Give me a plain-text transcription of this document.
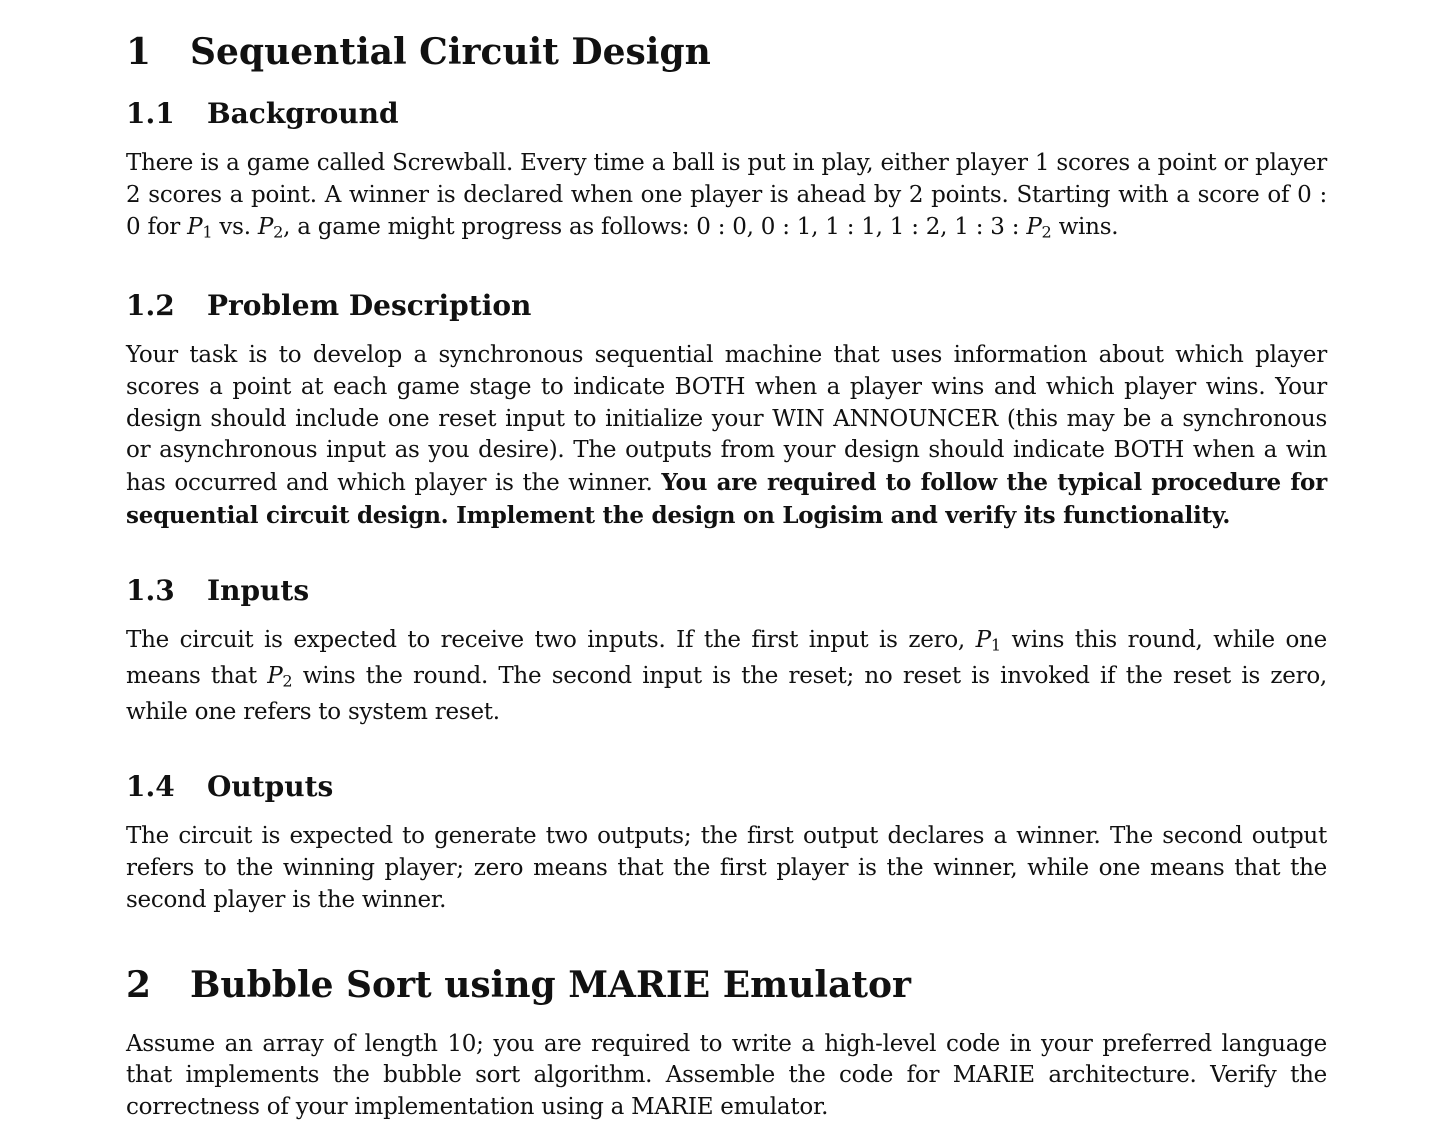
1 Sequential Circuit Design
1.1 Background

There is a game called Screwball. Every time a ball is put in play, either player 1 scores a point or player 2 scores a point. A winner is declared when one player is ahead by 2 points. Starting with a score of 0 : 0 for $P_1$ vs. $P_2$, a game might progress as follows: 0 : 0, 0 : 1, 1 : 1, 1 : 2, 1 : 3 : $P_2$ wins.

1.2 Problem Description

Your task is to develop a synchronous sequential machine that uses information about which player scores a point at each game stage to indicate BOTH when a player wins and which player wins. Your design should include one reset input to initialize your WIN ANNOUNCER (this may be a synchronous or asynchronous input as you desire). The outputs from your design should indicate BOTH when a win has occurred and which player is the winner. You are required to follow the typical procedure for sequential circuit design. Implement the design on Logisim and verify its functionality.

1.3 Inputs

The circuit is expected to receive two inputs. If the first input is zero, $P_1$ wins this round, while one means that $P_2$ wins the round. The second input is the reset; no reset is invoked if the reset is zero, while one refers to system reset.

1.4 Outputs

The circuit is expected to generate two outputs; the first output declares a winner. The second output refers to the winning player; zero means that the first player is the winner, while one means that the second player is the winner.

2 Bubble Sort using MARIE Emulator

Assume an array of length 10; you are required to write a high-level code in your preferred language that implements the bubble sort algorithm. Assemble the code for MARIE architecture. Verify the correctness of your implementation using a MARIE emulator.
